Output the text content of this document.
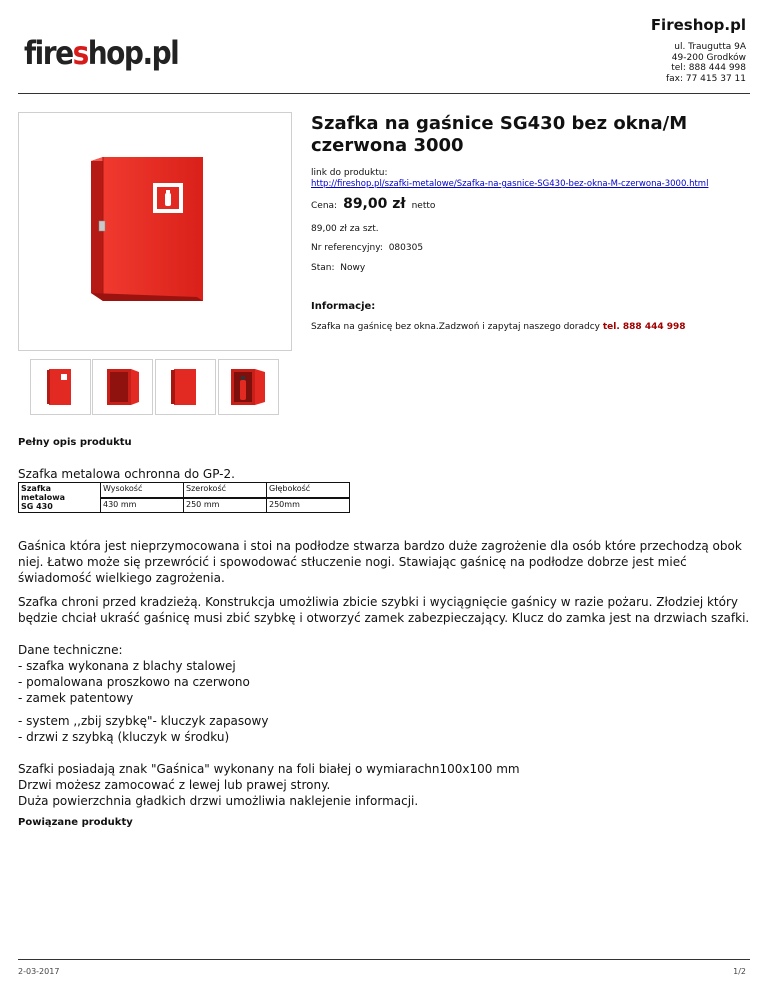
Fireshop.pl
fireshop.pl	ul. Traugutta 9A
49-200 Grodków
tel: 888 444 998
fax: 77 415 37 11
Szafka na gaśnice SG430 bez okna/M czerwona 3000
link do produktu:
http://fireshop.pl/szafki-metalowe/Szafka-na-gasnice-SG430-bez-okna-M-czerwona-3000.html
Cena: 89,00 zł netto
89,00 zł za szt.
Nr referencyjny: 080305
Stan: Nowy
Informacje:
Szafka na gaśnicę bez okna.Zadzwoń i zapytaj naszego doradcy tel. 888 444 998
Pełny opis produktu
Szafka metalowa ochronna do GP-2.
Szafka
metalowa
SG 430	Wysokość	Szerokość	Głębokość
	430 mm	250 mm	250mm
Gaśnica która jest nieprzymocowana i stoi na podłodze stwarza bardzo duże zagrożenie dla osób które przechodzą obok niej. Łatwo może się przewrócić i spowodować stłuczenie nogi. Stawiając gaśnicę na podłodze dobrze jest mieć świadomość wielkiego zagrożenia.
Szafka chroni przed kradzieżą. Konstrukcja umożliwia zbicie szybki i wyciągnięcie gaśnicy w razie pożaru. Złodziej który będzie chciał ukraść gaśnicę musi zbić szybkę i otworzyć zamek zabezpieczający. Klucz do zamka jest na drzwiach szafki.
Dane techniczne:
- szafka wykonana z blachy stalowej
- pomalowana proszkowo na czerwono
- zamek patentowy
- system ,,zbij szybkę"- kluczyk zapasowy
- drzwi z szybką (kluczyk w środku)
Szafki posiadają znak "Gaśnica" wykonany na foli białej o wymiarachn100x100 mm
Drzwi możesz zamocować z lewej lub prawej strony.
Duża powierzchnia gładkich drzwi umożliwia naklejenie informacji.
Powiązane produkty
2-03-2017	1/2
